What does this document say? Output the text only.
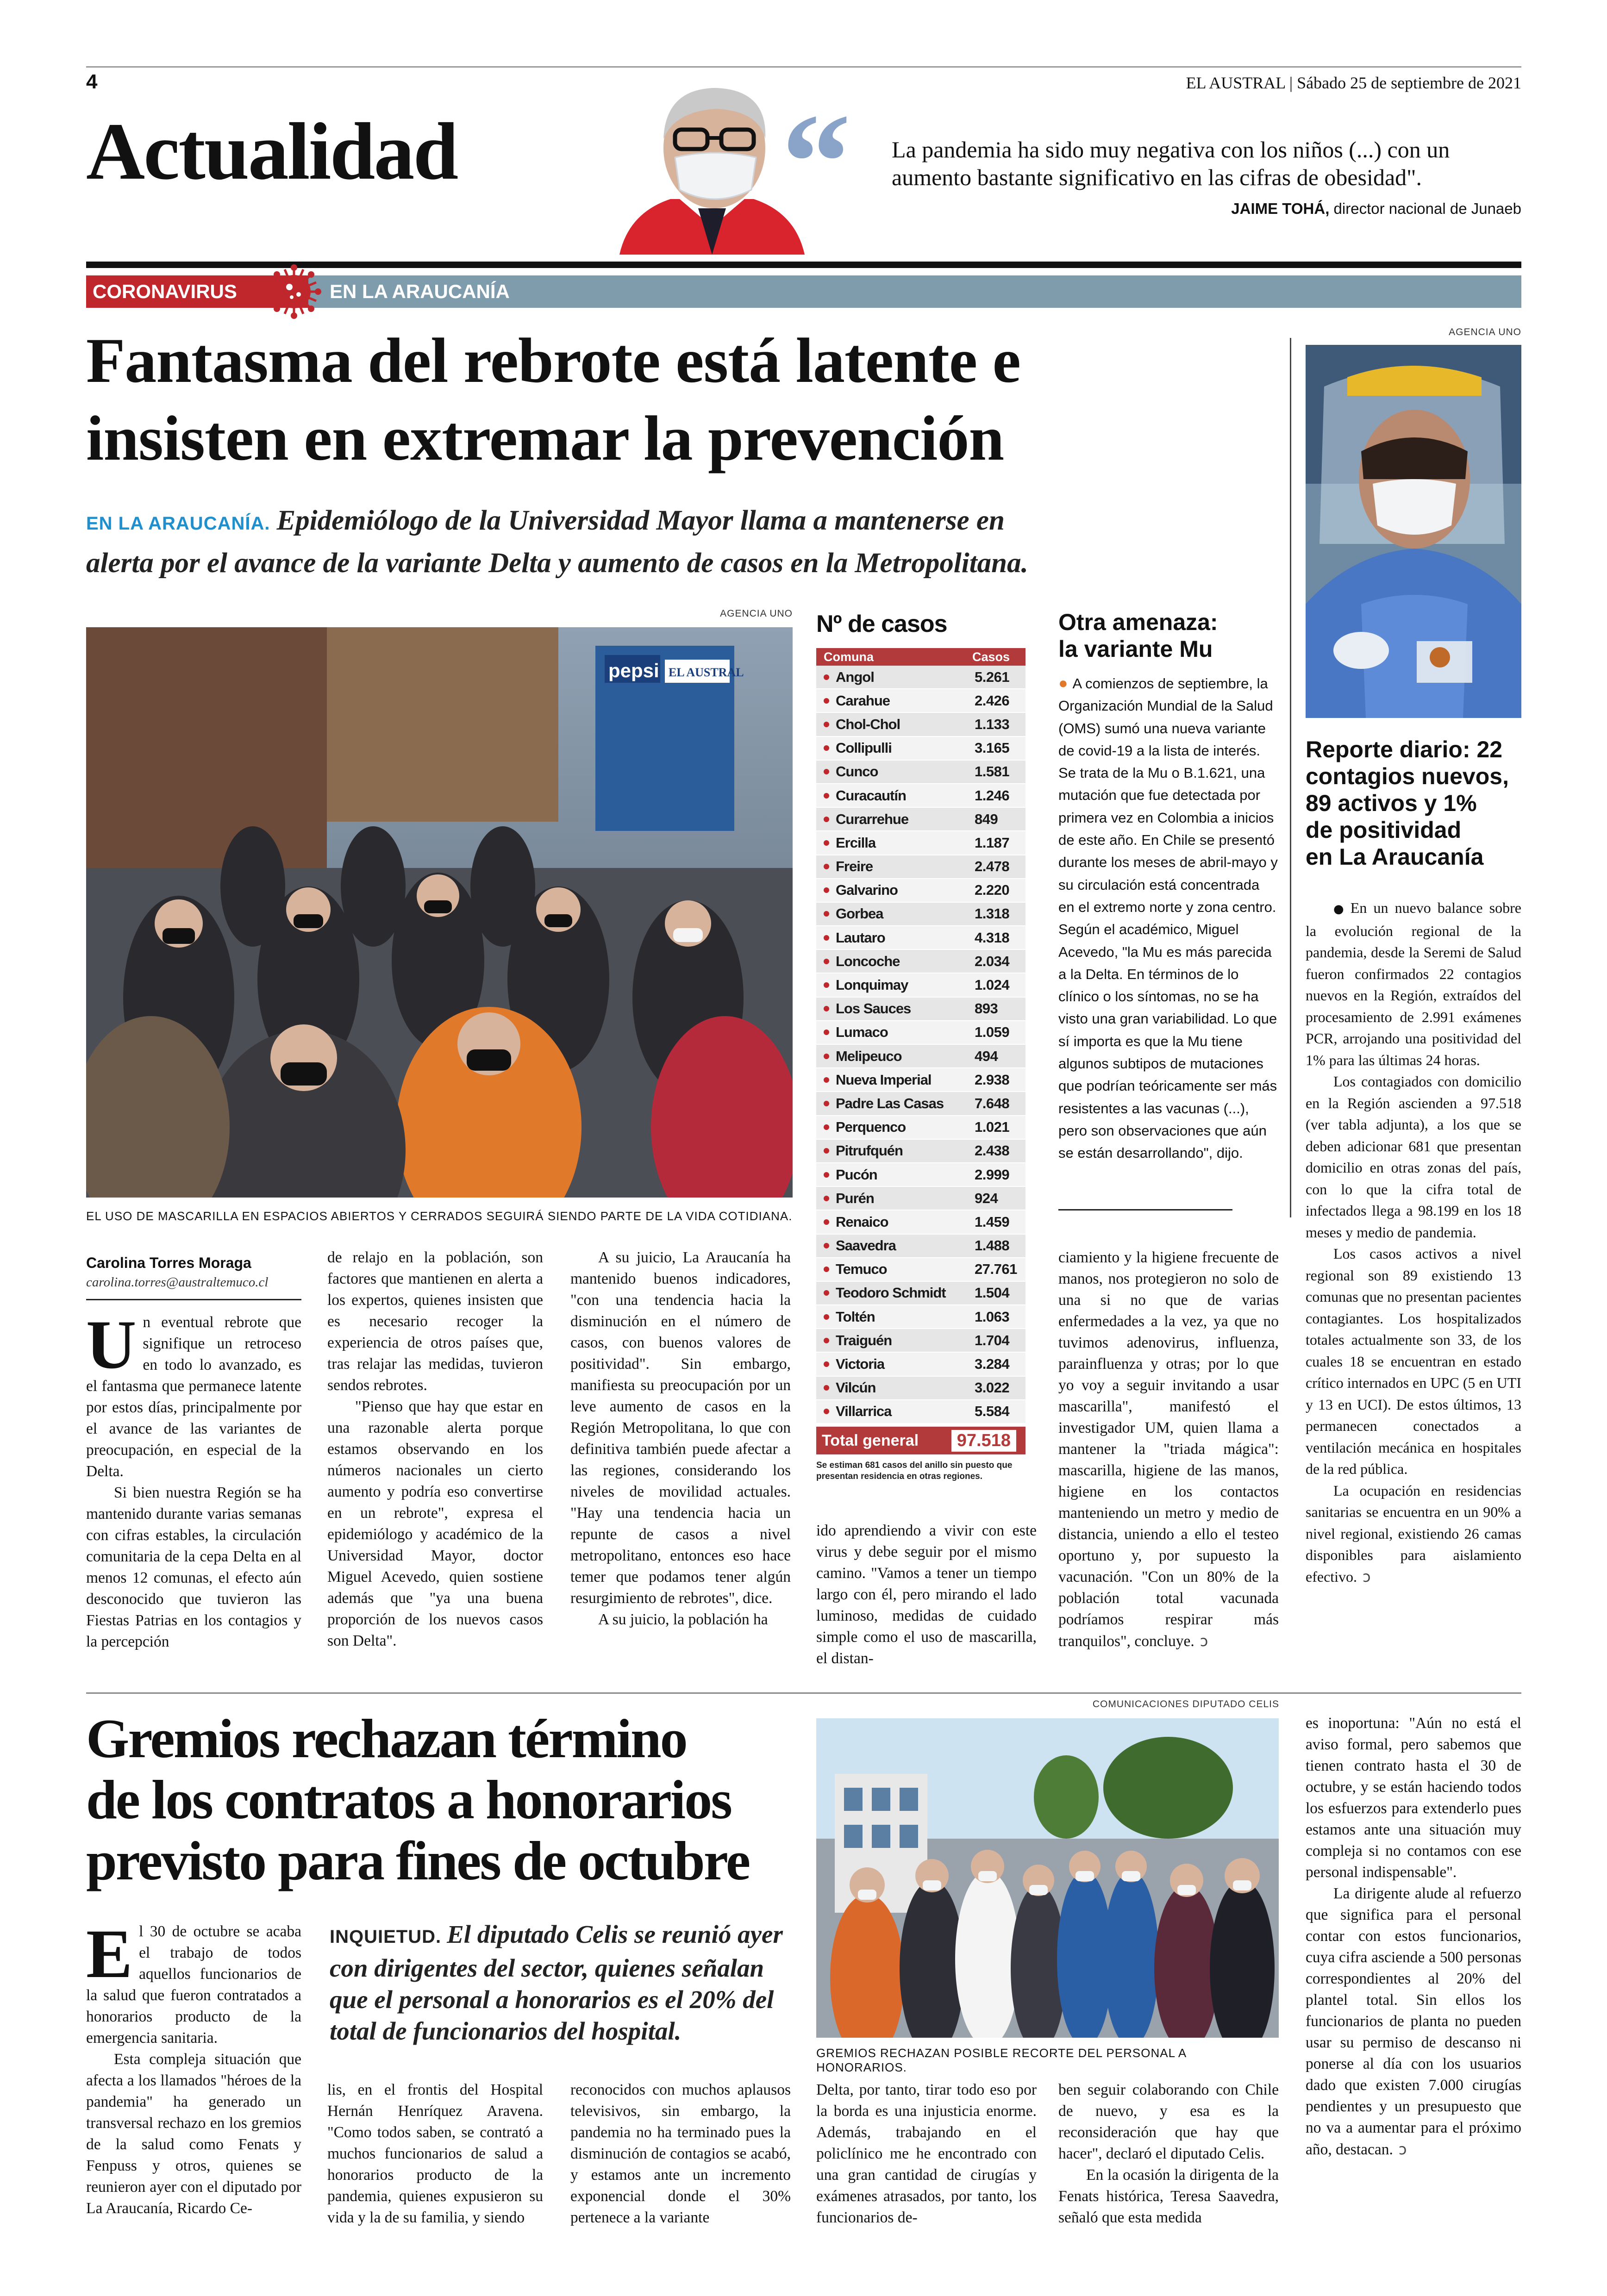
4	EL AUSTRAL | Sábado 25 de septiembre de 2021
Actualidad “ La pandemia ha sido muy negativa con los niños (...) con un aumento bastante significativo en las cifras de obesidad".
JAIME TOHÁ, director nacional de Junaeb
CORONAVIRUS	EN LA ARAUCANÍA
Fantasma del rebrote está latente e
insisten en extremar la prevención
EN LA ARAUCANÍA. Epidemiólogo de la Universidad Mayor llama a mantenerse en
alerta por el avance de la variante Delta y aumento de casos en la Metropolitana.
AGENCIA UNO
pepsi EL AUSTRAL
EL USO DE MASCARILLA EN ESPACIOS ABIERTOS Y CERRADOS SEGUIRÁ SIENDO PARTE DE LA VIDA COTIDIANA.
Nº de casos
Comuna	Casos
Angol	5.261
Carahue	2.426
Chol-Chol	1.133
Collipulli	3.165
Cunco	1.581
Curacautín	1.246
Curarrehue	849
Ercilla	1.187
Freire	2.478
Galvarino	2.220
Gorbea	1.318
Lautaro	4.318
Loncoche	2.034
Lonquimay	1.024
Los Sauces	893
Lumaco	1.059
Melipeuco	494
Nueva Imperial	2.938
Padre Las Casas	7.648
Perquenco	1.021
Pitrufquén	2.438
Pucón	2.999
Purén	924
Renaico	1.459
Saavedra	1.488
Temuco	27.761
Teodoro Schmidt	1.504
Toltén	1.063
Traiguén	1.704
Victoria	3.284
Vilcún	3.022
Villarrica	5.584
Total general	97.518
Se estiman 681 casos del anillo sin puesto que presentan residencia en otras regiones.
Otra amenaza:
la variante Mu

● A comienzos de septiembre, la Organización Mundial de la Salud (OMS) sumó una nueva variante de covid-19 a la lista de interés. Se trata de la Mu o B.1.621, una mutación que fue detectada por primera vez en Colombia a inicios de este año. En Chile se presentó durante los meses de abril-mayo y su circulación está concentrada en el extremo norte y zona centro. Según el académico, Miguel Acevedo, "la Mu es más parecida a la Delta. En términos de lo clínico o los síntomas, no se ha visto una gran variabilidad. Lo que sí importa es que la Mu tiene algunos subtipos de mutaciones que podrían teóricamente ser más resistentes a las vacunas (...), pero son observaciones que aún se están desarrollando", dijo.

AGENCIA UNO
Reporte diario: 22
contagios nuevos,
89 activos y 1%
de positividad
en La Araucanía

● En un nuevo balance sobre la evolución regional de la pandemia, desde la Seremi de Salud fueron confirmados 22 contagios nuevos en la Región, extraídos del procesamiento de 2.991 exámenes PCR, arrojando una positividad del 1% para las últimas 24 horas.

Los contagiados con domicilio en la Región ascienden a 97.518 (ver tabla adjunta), a los que se deben adicionar 681 que presentan domicilio en otras zonas del país, con lo que la cifra total de infectados llega a 98.199 en los 18 meses y medio de pandemia.

Los casos activos a nivel regional son 89 existiendo 13 comunas que no presentan pacientes contagiantes. Los hospitalizados totales actualmente son 33, de los cuales 18 se encuentran en estado crítico internados en UPC (5 en UTI y 13 en UCI). De estos últimos, 13 permanecen conectados a ventilación mecánica en hospitales de la red pública.

La ocupación en residencias sanitarias se encuentra en un 90% a nivel regional, existiendo 26 camas disponibles para aislamiento efectivo. ↄ

Carolina Torres Moraga
carolina.torres@australtemuco.cl

Un eventual rebrote que signifique un retroceso en todo lo avanzado, es el fantasma que permanece latente por estos días, principalmente por el avance de las variantes de preocupación, en especial de la Delta.

Si bien nuestra Región se ha mantenido durante varias semanas con cifras estables, la circulación comunitaria de la cepa Delta en al menos 12 comunas, el efecto aún desconocido que tuvieron las Fiestas Patrias en los contagios y la percepción

de relajo en la población, son factores que mantienen en alerta a los expertos, quienes insisten que es necesario recoger la experiencia de otros países que, tras relajar las medidas, tuvieron sendos rebrotes.

"Pienso que hay que estar en una razonable alerta porque estamos observando en los números nacionales un cierto aumento y podría eso convertirse en un rebrote", expresa el epidemiólogo y académico de la Universidad Mayor, doctor Miguel Acevedo, quien sostiene además que "ya una buena proporción de los nuevos casos son Delta".

A su juicio, La Araucanía ha mantenido buenos indicadores, "con una tendencia hacia la disminución en el número de casos, con buenos valores de positividad". Sin embargo, manifiesta su preocupación por un leve aumento de casos en la Región Metropolitana, lo que con definitiva también puede afectar a las regiones, considerando los niveles de movilidad actuales. "Hay una tendencia hacia un repunte de casos a nivel metropolitano, entonces eso hace temer que podamos tener algún resurgimiento de rebrotes", dice.

A su juicio, la población ha

ido aprendiendo a vivir con este virus y debe seguir por el mismo camino. "Vamos a tener un tiempo largo con él, pero mirando el lado luminoso, medidas de cuidado simple como el uso de mascarilla, el distan-

ciamiento y la higiene frecuente de manos, nos protegieron no solo de una si no que de varias enfermedades a la vez, ya que no tuvimos adenovirus, influenza, parainfluenza y otras; por lo que yo voy a seguir invitando a usar mascarilla", manifestó el investigador UM, quien llama a mantener la "triada mágica": mascarilla, higiene de las manos, higiene en los contactos manteniendo un metro y medio de distancia, uniendo a ello el testeo oportuno y, por supuesto la vacunación. "Con un 80% de la población total vacunada podríamos respirar más tranquilos", concluye. ↄ

Gremios rechazan término
de los contratos a honorarios
previsto para fines de octubre

El 30 de octubre se acaba el trabajo de todos aquellos funcionarios de la salud que fueron contratados a honorarios producto de la emergencia sanitaria.

Esta compleja situación que afecta a los llamados "héroes de la pandemia" ha generado un transversal rechazo en los gremios de la salud como Fenats y Fenpuss y otros, quienes se reunieron ayer con el diputado por La Araucanía, Ricardo Ce-

INQUIETUD. El diputado Celis se reunió ayer
con dirigentes del sector, quienes señalan
que el personal a honorarios es el 20% del
total de funcionarios del hospital.

lis, en el frontis del Hospital Hernán Henríquez Aravena. "Como todos saben, se contrató a muchos funcionarios de salud a honorarios producto de la pandemia, quienes expusieron su vida y la de su familia, y siendo

reconocidos con muchos aplausos televisivos, sin embargo, la pandemia no ha terminado pues la disminución de contagios se acabó, y estamos ante un incremento exponencial donde el 30% pertenece a la variante

COMUNICACIONES DIPUTADO CELIS
GREMIOS RECHAZAN POSIBLE RECORTE DEL PERSONAL A HONORARIOS.

Delta, por tanto, tirar todo eso por la borda es una injusticia enorme. Además, trabajando en el policlínico me he encontrado con una gran cantidad de cirugías y exámenes atrasados, por tanto, los funcionarios de-

ben seguir colaborando con Chile de nuevo, y esa es la reconsideración que hay que hacer", declaró el diputado Celis.

En la ocasión la dirigenta de la Fenats histórica, Teresa Saavedra, señaló que esta medida

es inoportuna: "Aún no está el aviso formal, pero sabemos que tienen contrato hasta el 30 de octubre, y se están haciendo todos los esfuerzos para extenderlo pues estamos ante una situación muy compleja si no contamos con ese personal indispensable".

La dirigente alude al refuerzo que significa para el personal contar con estos funcionarios, cuya cifra asciende a 500 personas correspondientes al 20% del plantel total. Sin ellos los funcionarios de planta no pueden usar su permiso de descanso ni ponerse al día con los usuarios dado que existen 7.000 cirugías pendientes y un presupuesto que no va a aumentar para el próximo año, destacan. ↄ
